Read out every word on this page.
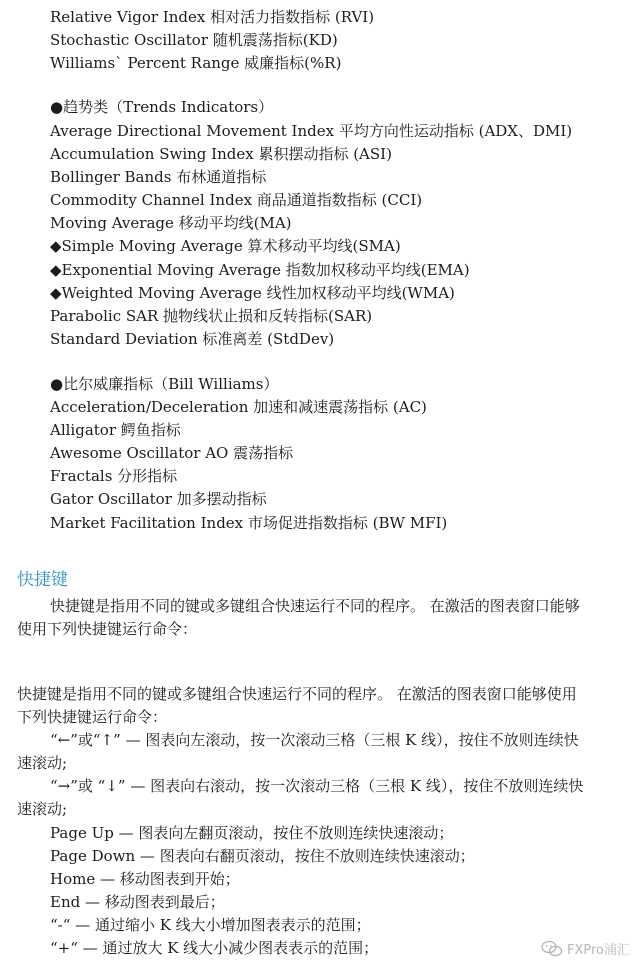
Relative Vigor Index 相对活力指数指标 (RVI)
Stochastic Oscillator 随机震荡指标(KD)
Williams` Percent Range 威廉指标(%R)
●趋势类（Trends Indicators）
Average Directional Movement Index 平均方向性运动指标 (ADX、DMI)
Accumulation Swing Index 累积摆动指标 (ASI)
Bollinger Bands 布林通道指标
Commodity Channel Index 商品通道指数指标 (CCI)
Moving Average 移动平均线(MA)
◆Simple Moving Average 算术移动平均线(SMA)
◆Exponential Moving Average 指数加权移动平均线(EMA)
◆Weighted Moving Average 线性加权移动平均线(WMA)
Parabolic SAR 抛物线状止损和反转指标(SAR)
Standard Deviation 标准离差 (StdDev)
●比尔威廉指标（Bill Williams）
Acceleration/Deceleration 加速和减速震荡指标 (AC)
Alligator 鳄鱼指标
Awesome Oscillator AO 震荡指标
Fractals 分形指标
Gator Oscillator 加多摆动指标
Market Facilitation Index 市场促进指数指标 (BW MFI)
快捷键
快捷键是指用不同的键或多键组合快速运行不同的程序。 在激活的图表窗口能够
使用下列快捷键运行命令：
快捷键是指用不同的键或多键组合快速运行不同的程序。 在激活的图表窗口能够使用
下列快捷键运行命令：
“←”或“↑” — 图表向左滚动，按一次滚动三格（三根 K 线），按住不放则连续快
速滚动;
“→”或 “↓” — 图表向右滚动，按一次滚动三格（三根 K 线），按住不放则连续快
速滚动;
Page Up — 图表向左翻页滚动，按住不放则连续快速滚动；
Page Down — 图表向右翻页滚动，按住不放则连续快速滚动；
Home — 移动图表到开始；
End — 移动图表到最后；
“-“ — 通过缩小 K 线大小增加图表表示的范围；
“+“ — 通过放大 K 线大小减少图表表示的范围；	FXPro浦汇
